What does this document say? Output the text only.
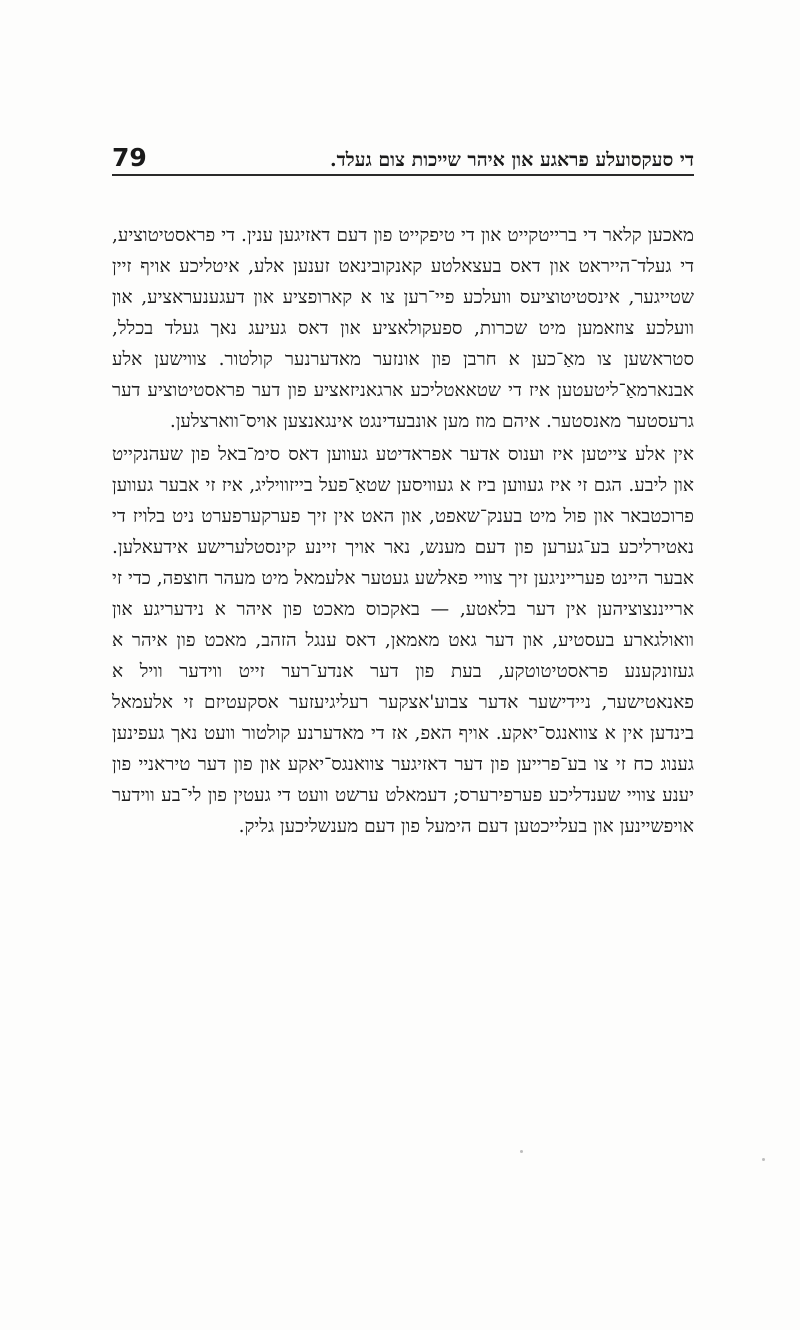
79	די סעקסועלע פראגע און איהר שייכות צום געלד.

מאכען קלאר די ברייטקייט און די טיפקייט פון דעם דאזיגען ענין. די פראסטיטוציע, די געלד־הייראט און דאס בעצאלטע קאנקובינאט זענען אלע, איטליכע אויף זיין שטייגער, אינסטיטוציעס וועלכע פיי־רען צו א קארופציע און דעגענעראציע, און וועלכע צוזאמען מיט שכרות, ספעקולאציע און דאס געיעג נאך געלד בכלל, סטראשען צו מאַ־כען א חרבן פון אונזער מאדערנער קולטור. צווישען אלע אבנארמאַ־ליטעטען איז די שטאאטליכע ארגאניזאציע פון דער פראסטיטוציע דער גרעסטער מאנסטער. איהם מוז מען אונבעדינגט אינגאנצען אויס־ווארצלען.

אין אלע צייטען איז וענוס אדער אפראדיטע געווען דאס סימ־באל פון שעהנקייט און ליבע. הגם זי איז געווען ביז א געוויסען שטאַ־פעל בייזוויליג, איז זי אבער געווען פרוכטבאר און פול מיט בענק־שאפט, און האט אין זיך פערקערפערט ניט בלויז די נאטירליכע בע־גערען פון דעם מענש, נאר אויך זיינע קינסטלערישע אידעאלען. אבער היינט פערייניגען זיך צוויי פאלשע געטער אלעמאל מיט מעהר חוצפה, כדי זי ארייננצוציהען אין דער בלאטע, — באקכוס מאכט פון איהר א נידעריגע און וואולגארע בעסטיע, און דער גאט מאמאן, דאס ענגל הזהב, מאכט פון איהר א געזונקענע פראסטיטוטקע, בעת פון דער אנדע־רער זייט ווידער וויל א פאנאטישער, ניידישער אדער צבוע'אצקער רעליגיעזער אסקעטיזם זי אלעמאל בינדען אין א צוואנגס־יאקע. אויף האפ, אז די מאדערנע קולטור וועט נאך געפינען גענוג כח זי צו בע־פרייען פון דער דאזיגער צוואנגס־יאקע און פון דער טיראניי פון יענע צוויי שענדליכע פערפירערס; דעמאלט ערשט וועט די געטין פון לי־בע ווידער אויפשיינען און בעלייכטען דעם הימעל פון דעם מענשליכען גליק.
